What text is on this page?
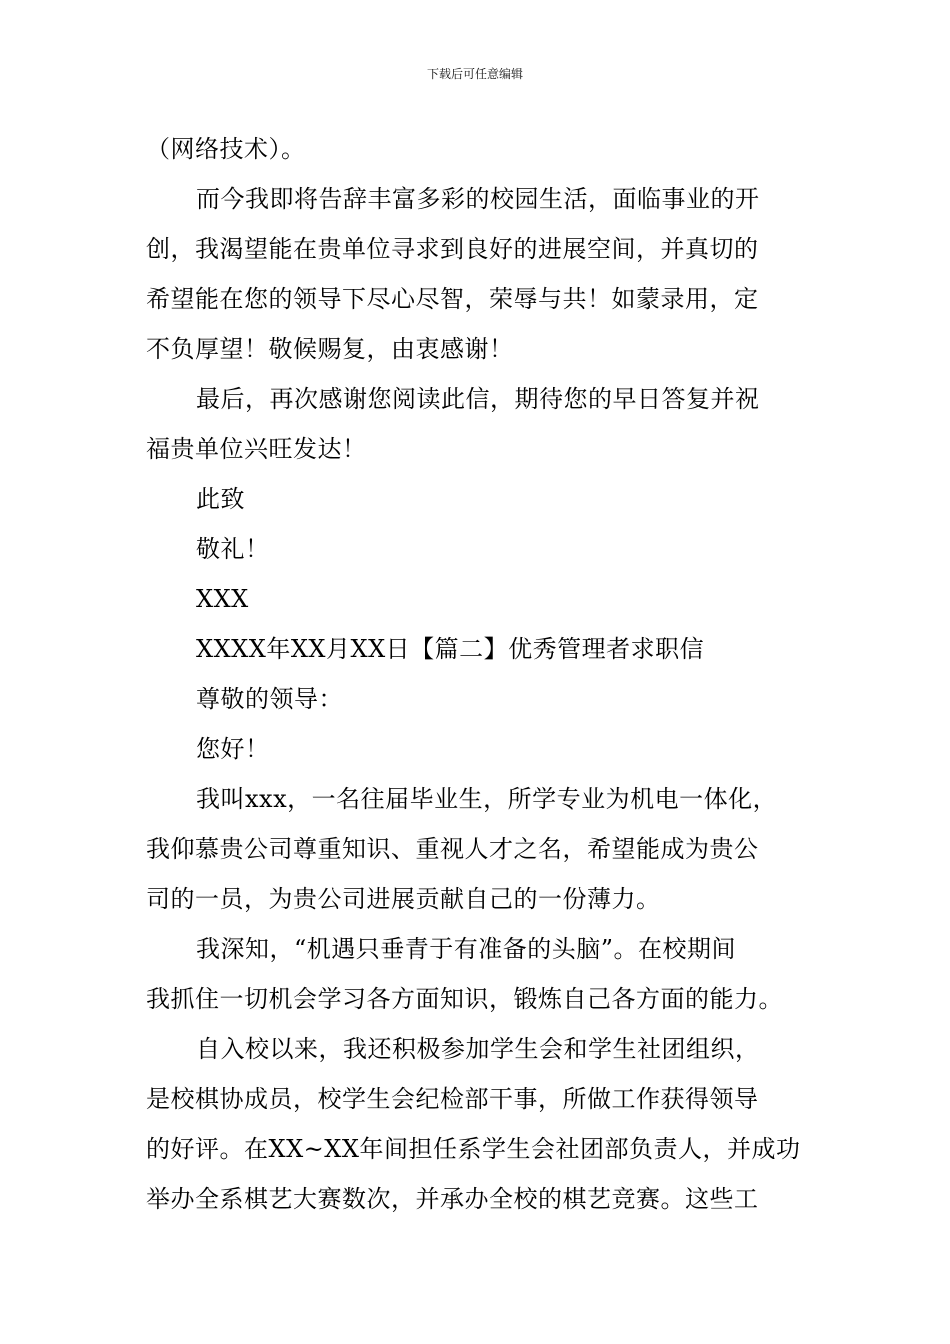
下载后可任意编辑
（网络技术）。
而今我即将告辞丰富多彩的校园生活，面临事业的开
创，我渴望能在贵单位寻求到良好的进展空间，并真切的
希望能在您的领导下尽心尽智，荣辱与共！如蒙录用，定
不负厚望！敬候赐复，由衷感谢！
最后，再次感谢您阅读此信，期待您的早日答复并祝
福贵单位兴旺发达！
此致
敬礼！
XXX
XXXX年XX月XX日【篇二】优秀管理者求职信
尊敬的领导：
您好！
我叫xxx，一名往届毕业生，所学专业为机电一体化，
我仰慕贵公司尊重知识、重视人才之名，希望能成为贵公
司的一员，为贵公司进展贡献自己的一份薄力。
我深知，“机遇只垂青于有准备的头脑”。在校期间
我抓住一切机会学习各方面知识，锻炼自己各方面的能力。
自入校以来，我还积极参加学生会和学生社团组织，
是校棋协成员，校学生会纪检部干事，所做工作获得领导
的好评。在XX~XX年间担任系学生会社团部负责人，并成功
举办全系棋艺大赛数次，并承办全校的棋艺竞赛。这些工
